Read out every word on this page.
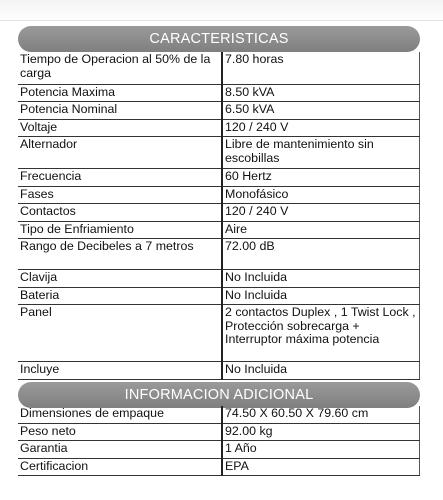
CARACTERISTICAS
Tiempo de Operacion al 50% de la carga	7.80 horas
Potencia Maxima	8.50 kVA
Potencia Nominal	6.50 kVA
Voltaje	120 / 240 V
Alternador	Libre de mantenimiento sin escobillas
Frecuencia	60 Hertz
Fases	Monofásico
Contactos	120 / 240 V
Tipo de Enfriamiento	Aire
Rango de Decibeles a 7 metros	72.00 dB
Clavija	No Incluida
Bateria	No Incluida
Panel	2 contactos Duplex , 1 Twist Lock , Protección sobrecarga + Interruptor máxima potencia
Incluye	No Incluida
INFORMACION ADICIONAL
Dimensiones de empaque	74.50 X 60.50 X 79.60 cm
Peso neto	92.00 kg
Garantia	1 Año
Certificacion	EPA
